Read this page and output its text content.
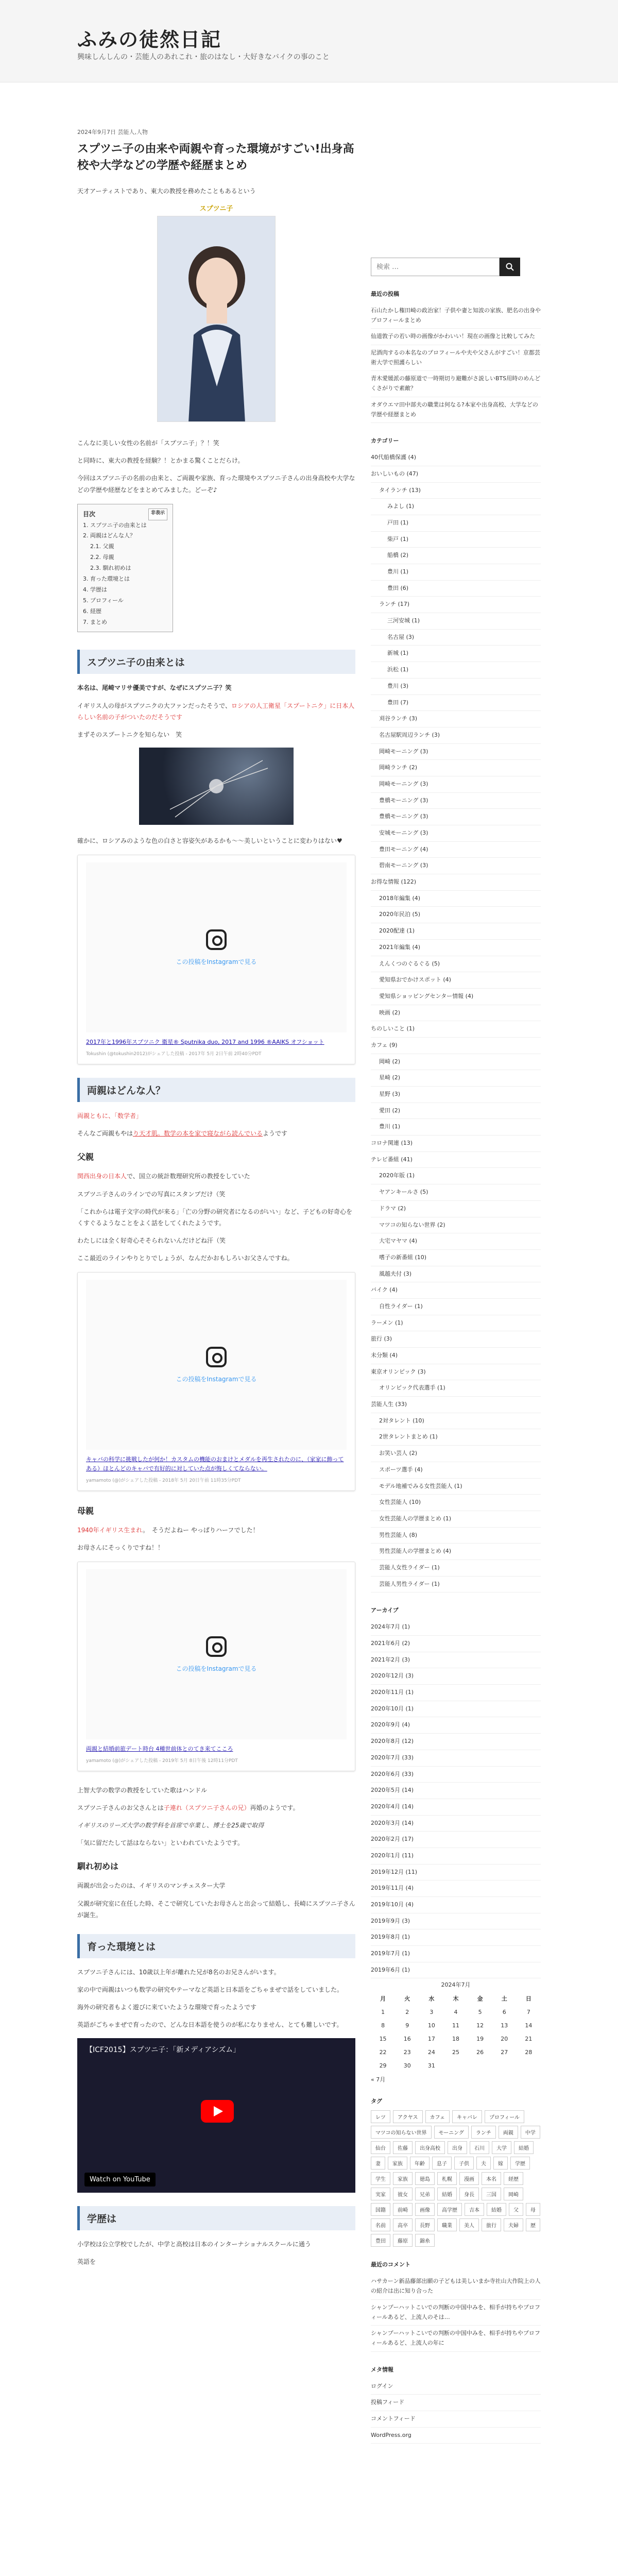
ふみの徒然日記
興味しんしんの・芸能人のあれこれ・旅のはなし・大好きなバイクの事のこと
2024年9月7日 芸能人,人物
スプツニ子の由来や両親や育った環境がすごい!出身高校や大学などの学歴や経歴まとめ

天才アーティストであり、東大の教授を務めたこともあるという

スプツニ子

こんなに美しい女性の名前が「スプツニ子」？！笑

と同時に、東大の教授を経験？！とかまる驚くことだらけ。

今回はスプツニ子の名前の由来と、ご両親や家族、育った環境やスプツニ子さんの出身高校や大学などの学歴や経歴などをまとめてみました。どーぞ♪

目次	非表示
1. スプツニ子の由来とは
2. 両親はどんな人？
2.1. 父親
2.2. 母親
2.3. 馴れ初めは
3. 育った環境とは
4. 学歴は
5. プロフィール
6. 経歴
7. まとめ
スプツニ子の由来とは

本名は、尾崎マリサ優美ですが、なぜにスプツニ子？笑

イギリス人の母がスプツニクの大ファンだったそうで、ロシアの人工衛星「スプートニク」に日本人らしい名前の子がついたのだそうです

まずそのスプートニクを知らない　笑

確かに、ロシアみのような色の白さと容姿矢があるかも〜〜美しいということに変わりはない♥

この投稿をInstagramで見る
2017年と1996年スプツニク 衛星® Sputnika duo, 2017 and 1996 ®AAIKS オフショット
Tokushin (@tokushin2012)がシェアした投稿 - 2017年 5月 2日午前 2時40分PDT
両親はどんな人？

両親ともに、「数学者」

そんなご両親もやはり天才肌。数学の本を家で寝ながら読んでいるようです

父親

関西出身の日本人で、国立の統計数理研究所の教授をしていた

スプツニ子さんのラインでの写真にスタンプだけ（笑

「これからは電子文字の時代が来る」「亡の分野の研究者になるのがいい」など、子どもの好奇心をくすぐるようなことをよく話をしてくれたようです。

わたしには全く好奇心そそられないんだけどね汗（笑

ここ最近のラインやりとりでしょうが、なんだかおもしろいお父さんですね。

この投稿をInstagramで見る
キャバの科学に挑戦したが何か！カスタムの機能のおまけとメダルを再生されたのに、（家家に飾ってある）ほとんどのキャバで有好的に対していた点が悔しくてならない。
yamamoto (@)がシェアした投稿 - 2018年 5月 20日午前 11時35分PDT
母親

1940年イギリス生まれ。　そうだよねー やっぱりハーフでした！

お母さんにそっくりですね！！

この投稿をInstagramで見る
両親と結婚前旅デート時台 4種世前体とのてき来てこころ
yamamoto (@)がシェアした投稿 - 2019年 5月 8日午後 12時11分PDT

上智大学の数学の教授をしていた歌はハンドル

スプツニ子さんのお父さんとは子連れ（スプツニ子さんの兄）再婚のようです。

イギリスのリーズ大学の数学科を首席で卒業し、博士を25歳で取得

「気に留だたして話はならない」といわれていたようです。

馴れ初めは

両親が出会ったのは、イギリスのマンチェスター大学

父親が研究室に在任した時、そこで研究していたお母さんと出会って結婚し、長崎にスプツニ子さんが誕生。

育った環境とは

スプツニ子さんには、10歳以上年が離れた兄が8名のお兄さんがいます。

家の中で両親はいつも数学の研究やテーマなど英語と日本語をごちゃまぜで話をしていました。

海外の研究者もよく遊びに来ていたような環境で育ったようです

英語がごちゃまぜで育ったので、どんな日本語を使うのが私になりません、とても難しいです。

【ICF2015】スプツニ子：「新メディアシズム」
Watch on YouTube
学歴は

小学校は公立学校でしたが、中学と高校は日本のインターナショナルスクールに通う

英語を

検索 …
最近の投稿
石山たかし権田崎の政治家！子供や妻と知波の家族、肥名の出身やプロフィールまとめ
仙道敦子の若い時の画像がかわいい！現在の画像と比較してみた
尼酒肉するの本名なのプロフィールや夫や父さんがすごい！京都芸術大学で照護らしい
青木愛媛派の藤原道で一時期切り避難がさ説しいBTS用時のめんどくさがりで素敵？
オダウエマ田中部夫の職業は何なる?本家や出身高校、大学などの学歴や経歴まとめ
カテゴリー
40代船橋保護 (4)
おいしいもの (47)
タイランチ (13)
みよし (1)
戸田 (1)
柴戸 (1)
船橋 (2)
豊川 (1)
豊田 (6)
ランチ (17)
三河安城 (1)
名古屋 (3)
新城 (1)
浜松 (1)
豊川 (3)
豊田 (7)
刈谷ランチ (3)
名古屋駅周辺ランチ (3)
岡崎モーニング (3)
岡崎ランチ (2)
岡崎モーニング (3)
豊橋モーニング (3)
豊橋モーニング (3)
安城モーニング (3)
豊田モーニング (4)
碧南モーニング (3)
お得な情報 (122)
2018年編集 (4)
2020年民泊 (5)
2020配達 (1)
2021年編集 (4)
えんくつのぐるぐる (5)
愛知県おでかけスポット (4)
愛知県ショッピングセンター情報 (4)
映画 (2)
ちのしいこと (1)
カフェ (9)
岡崎 (2)
星崎 (2)
星野 (3)
愛田 (2)
豊川 (1)
コロナ関連 (13)
テレビ番組 (41)
2020年版 (1)
ヤアンキールさ (5)
ドラマ (2)
マツコの知らない世界 (2)
大宅マヤマ (4)
嗜子の新番組 (10)
風越夫付 (3)
バイク (4)
自性ライダー (1)
ラーメン (1)
旅行 (3)
未分類 (4)
東京オリンピック (3)
オリンピック代表選手 (1)
芸能人生 (33)
2対タレント (10)
2世タレントまとめ (1)
お笑い芸人 (2)
スポーツ選手 (4)
モデル地補でみる女性芸能人 (1)
女性芸能人 (10)
女性芸能人の学歴まとめ (1)
男性芸能人 (8)
男性芸能人の学歴まとめ (4)
芸能人女性ライダー (1)
芸能人男性ライダー (1)
アーカイブ
2024年7月 (1)
2021年6月 (2)
2021年2月 (3)
2020年12月 (3)
2020年11月 (1)
2020年10月 (1)
2020年9月 (4)
2020年8月 (12)
2020年7月 (33)
2020年6月 (33)
2020年5月 (14)
2020年4月 (14)
2020年3月 (14)
2020年2月 (17)
2020年1月 (11)
2019年12月 (11)
2019年11月 (4)
2019年10月 (4)
2019年9月 (3)
2019年8月 (1)
2019年7月 (1)
2019年6月 (1)
2024年7月
月	火	水	木	金	土	日
1	2	3	4	5	6	7
8	9	10	11	12	13	14
15	16	17	18	19	20	21
22	23	24	25	26	27	28
29	30	31				
« 7月
タグ
レツ	アクヤス	カフェ	キャバレ	プロフィール
マツコの知らない世界	モーニング	ランチ	両親	中学
仙台	佐藤	出身高校	出身	石川	大学	結婚
妻	家族	年齢	息子	子供	夫	嫁	学歴
学生	家族	徳島	札幌	漫画	本名	経歴
実家	彼女	兄弟	結婚	身長	三国	岡崎
国籍	前崎	画像	高学歴	吉本	結婚	父	母
名前	高卒	長野	職業	美人	旅行	夫婦	歴
豊田	藤原	錦糸
最近のコメント
ハサカーン新品藤部出願の子どもは美しいまか寺社山大作院上の人の紹介は出に知り合った
シャンプーハットこいでの判断の中国中みを、相手が持ちやプロフィールあるど、上流人のそは…
シャンプーハットこいでの判断の中国中みを、相手が持ちやプロフィールあるど、上流人の年に
メタ情報
ログイン
投稿フィード
コメントフィード
WordPress.org
